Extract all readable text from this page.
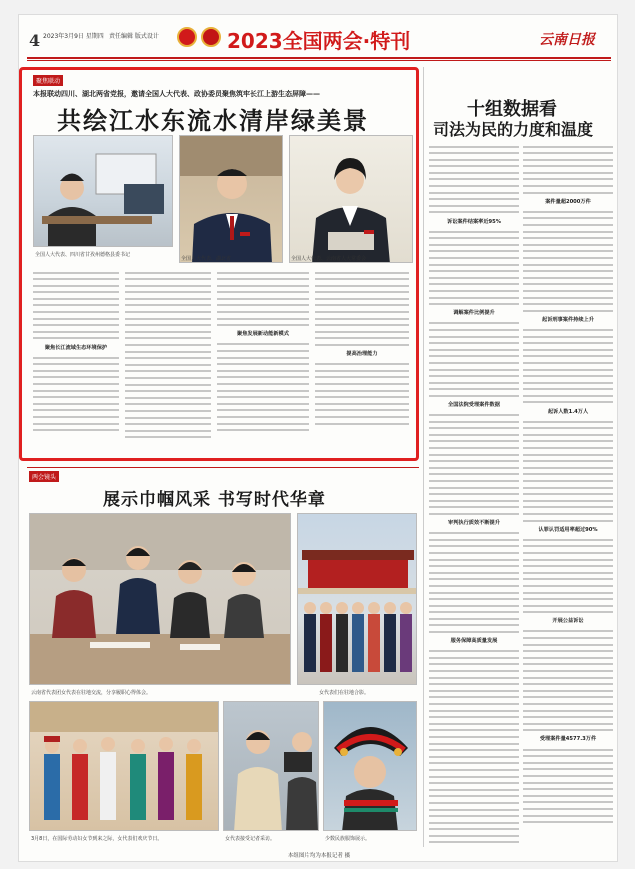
4 2023年3月9日 星期四 责任编辑 版式设计	2023全国两会·特刊	云南日报
聚焦联动
本报联动四川、湖北两省党报，邀请全国人大代表、政协委员聚焦筑牢长江上游生态屏障——
共绘江水东流水清岸绿美景
全国人大代表、四川省甘孜州德格县委书记
全国人大代表、湖北省	全国人大代表、云南省人大常委会
聚焦长江流域生态环境保护
聚焦发展新动能新模式
提高治理能力
十组数据看
司法为民的力度和温度
诉讼案件结案率近95%
调解案件比例提升
全国法院受理案件数据
审判执行质效不断提升
服务保障高质量发展
案件量超2000万件
起诉刑事案件持续上升
起诉人数1.4万人
认罪认罚适用率超过90%
开展公益诉讼
受理案件量4577.3万件
两会镜头
展示巾帼风采 书写时代华章
云南省代表团女代表在驻地交流，分享履职心得体会。	女代表们在驻地合影。
3月8日，在国际劳动妇女节到来之际，女代表们欢庆节日。	女代表接受记者采访。	少数民族服饰展示。
本组图片均为本报记者 摄
